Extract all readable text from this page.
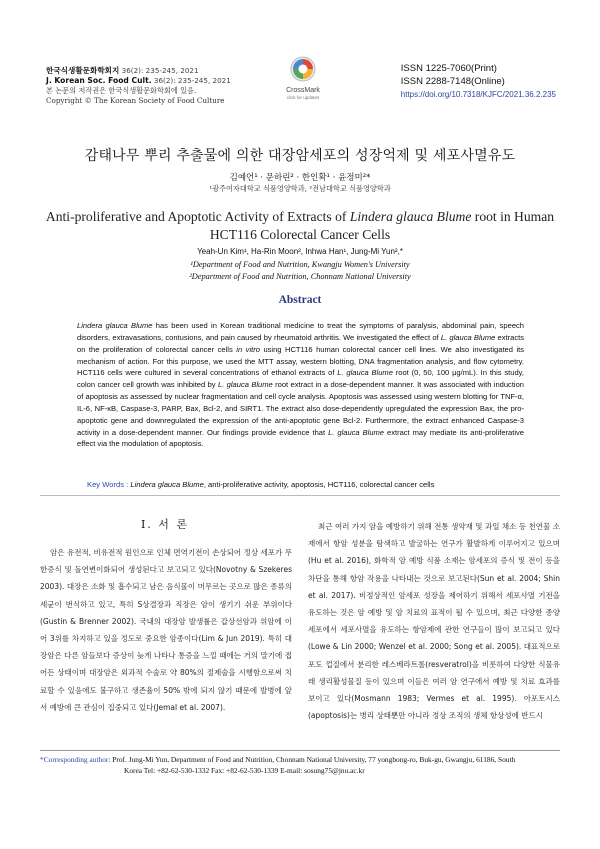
한국식생활문화학회지 36(2): 235-245, 2021
J. Korean Soc. Food Cult. 36(2): 235-245, 2021
본 논문의 저작권은 한국식생활문화학회에 있음.
Copyright © The Korean Society of Food Culture
CrossMark
click for updates
ISSN 1225-7060(Print)
ISSN 2288-7148(Online)
https://doi.org/10.7318/KJFC/2021.36.2.235
감태나무 뿌리 추출물에 의한 대장암세포의 성장억제 및 세포사멸유도
김예언¹ · 문하린² · 한인확¹ · 윤정미²*
¹광주여자대학교 식품영양학과, ²전남대학교 식품영양학과
Anti-proliferative and Apoptotic Activity of Extracts of Lindera glauca Blume root in Human HCT116 Colorectal Cancer Cells
Yeah-Un Kim¹, Ha-Rin Moon², Inhwa Han¹, Jung-Mi Yun²,*
¹Department of Food and Nutrition, Kwangju Women's University
²Department of Food and Nutrition, Chonnam National University
Abstract
Lindera glauca Blume has been used in Korean traditional medicine to treat the symptoms of paralysis, abdominal pain, speech disorders, extravasations, contusions, and pain caused by rheumatoid arthritis. We investigated the effect of L. glauca Blume extracts on the proliferation of colorectal cancer cells in vitro using HCT116 human colorectal cancer cell lines. We also investigated its mechanism of action. For this purpose, we used the MTT assay, western blotting, DNA fragmentation analysis, and flow cytometry. HCT116 cells were cultured in several concentrations of ethanol extracts of L. glauca Blume root (0, 50, 100 μg/mL). In this study, colon cancer cell growth was inhibited by L. glauca Blume root extract in a dose-dependent manner. It was associated with induction of apoptosis as assessed by nuclear fragmentation and cell cycle analysis. Apoptosis was assessed using western blotting for TNF-α, IL-6, NF-κB, Caspase-3, PARP, Bax, Bcl-2, and SIRT1. The extract also dose-dependently upregulated the expression Bax, the pro-apoptotic gene and downregulated the expression of the anti-apoptotic gene Bcl-2. Furthermore, the extract enhanced Caspase-3 activity in a dose-dependent manner. Our findings provide evidence that L. glauca Blume extract may mediate its anti-proliferative effect via the modulation of apoptosis.
Key Words : Lindera glauca Blume, anti-proliferative activity, apoptosis, HCT116, colorectal cancer cells
Ⅰ. 서 론

암은 유전적, 비유전적 원인으로 인체 면역기전이 손상되어 정상 세포가 무한증식 및 돌연변이화되어 생성된다고 보고되고 있다(Novotny & Szekeres 2003). 대장은 소화 및 흡수되고 남은 음식물이 머무르는 곳으로 많은 종류의 세균이 번식하고 있고, 특히 S상결장과 직장은 암이 생기기 쉬운 부위이다(Gustin & Brenner 2002). 국내의 대장암 발생률은 갑상선암과 위암에 이어 3위를 차지하고 있을 정도로 중요한 암종이다(Lim & Jun 2019). 특히 대장암은 다른 암들보다 증상이 늦게 나타나 통증을 느낄 때에는 거의 말기에 접어든 상태이며 대장암은 외과적 수술로 약 80%의 절제술을 시행함으로써 치료할 수 있음에도 불구하고 생존율이 50% 밖에 되지 않기 때문에 발병에 앞서 예방에 큰 관심이 집중되고 있다(Jemal et al. 2007).

최근 여러 가지 암을 예방하기 위해 전통 생약재 및 과일 채소 등 천연물 소재에서 항암 성분을 탐색하고 발굴하는 연구가 활발하게 이루어지고 있으며(Hu et al. 2016), 화학적 암 예방 식품 소재는 암세포의 증식 및 전이 등을 차단을 통해 항암 작용을 나타내는 것으로 보고된다(Sun et al. 2004; Shin et al. 2017). 비정상적인 암세포 성장을 제어하기 위해서 세포사멸 기전을 유도하는 것은 암 예방 및 암 치료의 표적이 될 수 있으며, 최근 다양한 종양 세포에서 세포사멸을 유도하는 항암제에 관한 연구들이 많이 보고되고 있다(Lowe & Lin 2000; Wenzel et al. 2000; Song et al. 2005). 대표적으로 포도 껍질에서 분리한 레스베라트롤(resveratrol)을 비롯하여 다양한 식물유래 생리활성물질 등이 있으며 이들은 여러 암 연구에서 예방 및 치료 효과를 보이고 있다(Mosmann 1983; Vermes et al. 1995). 아포토시스(apoptosis)는 병리 상태뿐만 아니라 정상 조직의 생체 항상성에 반드시

*Corresponding author: Prof. Jung-Mi Yun, Department of Food and Nutrition, Chonnam National University, 77 yongbong-ro, Buk-gu, Gwangju, 61186, South
Korea Tel: +82-62-530-1332 Fax: +82-62-530-1339 E-mail: sosung75@jnu.ac.kr
